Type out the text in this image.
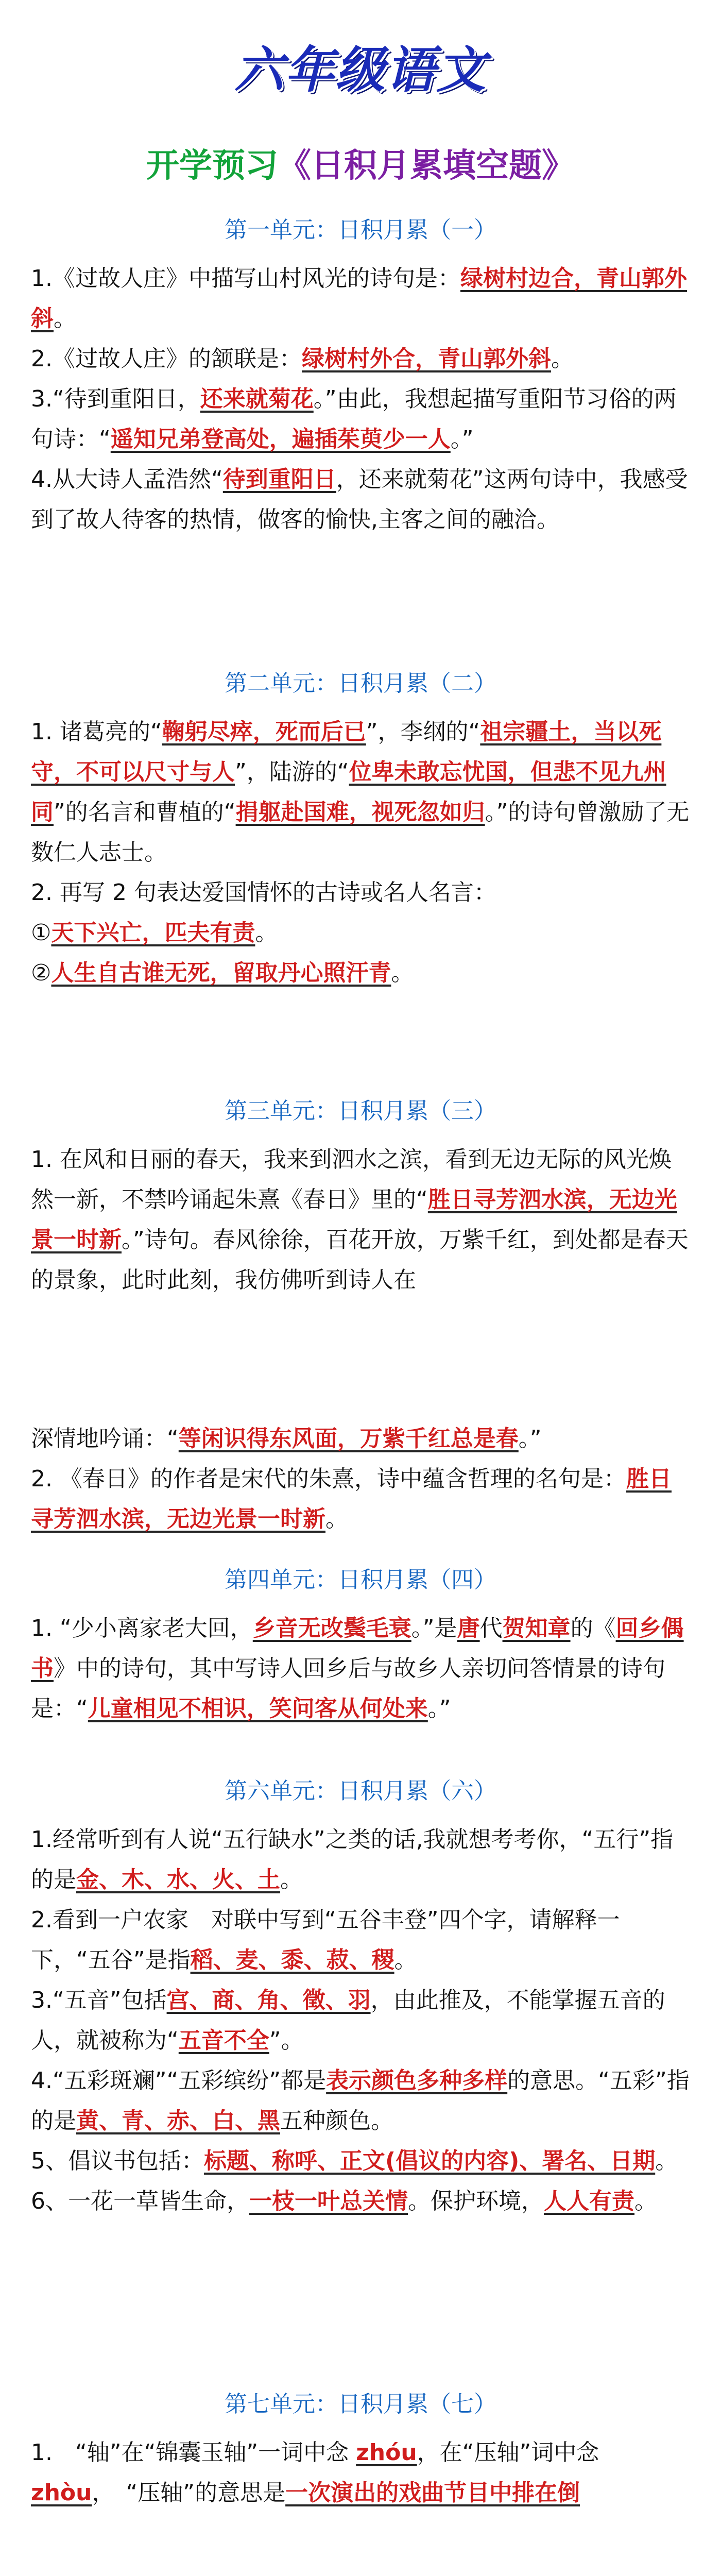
六年级语文
开学预习《日积月累填空题》
第一单元：日积月累（一）

1.《过故人庄》中描写山村风光的诗句是：绿树村边合，青山郭外斜。

2.《过故人庄》的颔联是：绿树村外合，青山郭外斜。

3.“待到重阳日，还来就菊花。”由此，我想起描写重阳节习俗的两句诗：“遥知兄弟登高处，遍插茱萸少一人。”

4.从大诗人孟浩然“待到重阳日，还来就菊花”这两句诗中，我感受到了故人待客的热情，做客的愉快,主客之间的融洽。

第二单元：日积月累（二）

1. 诸葛亮的“鞠躬尽瘁，死而后已”，李纲的“祖宗疆土，当以死守，不可以尺寸与人”，陆游的“位卑未敢忘忧国，但悲不见九州同”的名言和曹植的“捐躯赴国难，视死忽如归。”的诗句曾激励了无数仁人志士。

2. 再写 2 句表达爱国情怀的古诗或名人名言：

①天下兴亡，匹夫有责。

②人生自古谁无死，留取丹心照汗青。

第三单元：日积月累（三）

1. 在风和日丽的春天，我来到泗水之滨，看到无边无际的风光焕然一新，不禁吟诵起朱熹《春日》里的“胜日寻芳泗水滨，无边光景一时新。”诗句。春风徐徐，百花开放，万紫千红，到处都是春天的景象，此时此刻，我仿佛听到诗人在

深情地吟诵：“等闲识得东风面，万紫千红总是春。”

2. 《春日》的作者是宋代的朱熹，诗中蕴含哲理的名句是：胜日寻芳泗水滨，无边光景一时新。

第四单元：日积月累（四）

1. “少小离家老大回，乡音无改鬓毛衰。”是唐代贺知章的《回乡偶书》中的诗句，其中写诗人回乡后与故乡人亲切问答情景的诗句是：“儿童相见不相识，笑问客从何处来。”

第六单元：日积月累（六）

1.经常听到有人说“五行缺水”之类的话,我就想考考你，“五行”指的是金、木、水、火、土。

2.看到一户农家　对联中写到“五谷丰登”四个字，请解释一下，“五谷”是指稻、麦、黍、菽、稷。

3.“五音”包括宫、商、角、徵、羽，由此推及，不能掌握五音的人，就被称为“五音不全”。

4.“五彩斑斓”“五彩缤纷”都是表示颜色多种多样的意思。“五彩”指的是黄、青、赤、白、黑五种颜色。

5、倡议书包括：标题、称呼、正文(倡议的内容)、署名、日期。

6、一花一草皆生命，一枝一叶总关情。保护环境，人人有责。

第七单元：日积月累（七）

1.　“轴”在“锦囊玉轴”一词中念 zhóu，在“压轴”词中念 zhòu，　“压轴”的意思是一次演出的戏曲节目中排在倒
